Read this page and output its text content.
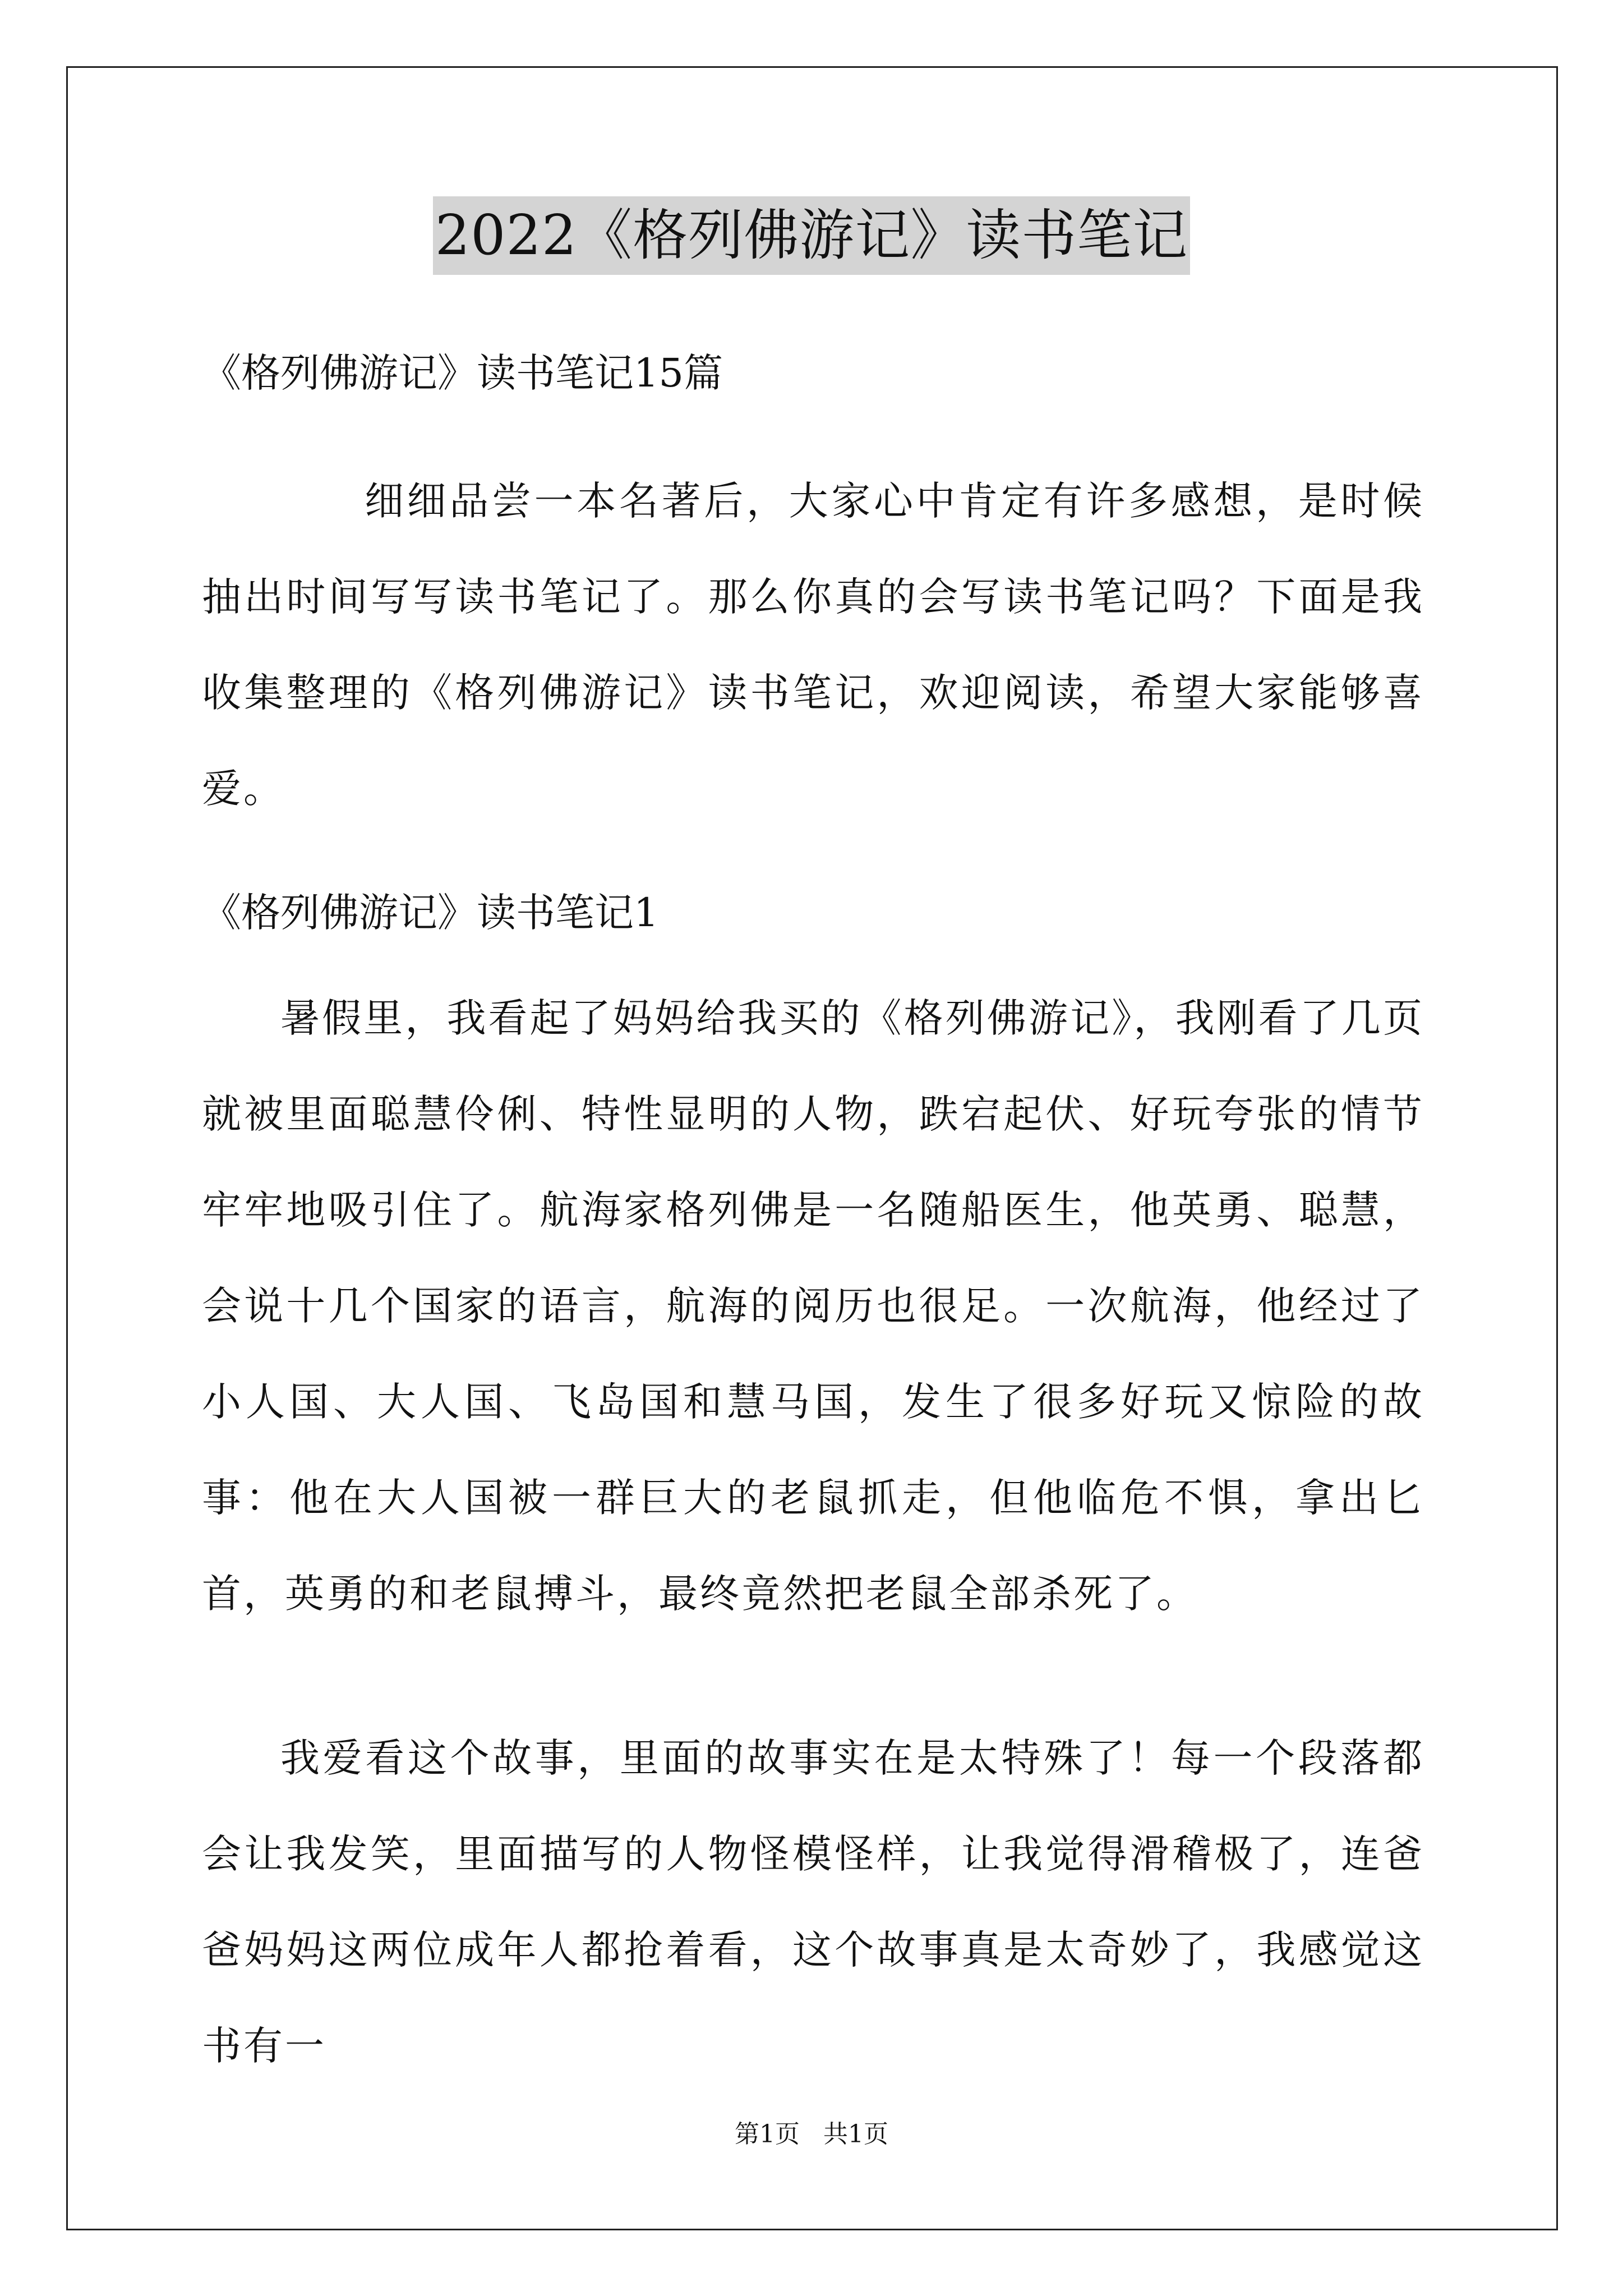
2022《格列佛游记》读书笔记
《格列佛游记》读书笔记15篇
细细品尝一本名著后，大家心中肯定有许多感想，是时候抽出时间写写读书笔记了。那么你真的会写读书笔记吗？下面是我收集整理的《格列佛游记》读书笔记，欢迎阅读，希望大家能够喜爱。
《格列佛游记》读书笔记1
暑假里，我看起了妈妈给我买的《格列佛游记》，我刚看了几页就被里面聪慧伶俐、特性显明的人物，跌宕起伏、好玩夸张的情节牢牢地吸引住了。航海家格列佛是一名随船医生，他英勇、聪慧，会说十几个国家的语言，航海的阅历也很足。一次航海，他经过了小人国、大人国、飞岛国和慧马国，发生了很多好玩又惊险的故事：他在大人国被一群巨大的老鼠抓走，但他临危不惧，拿出匕首，英勇的和老鼠搏斗，最终竟然把老鼠全部杀死了。
我爱看这个故事，里面的故事实在是太特殊了！每一个段落都会让我发笑，里面描写的人物怪模怪样，让我觉得滑稽极了，连爸爸妈妈这两位成年人都抢着看，这个故事真是太奇妙了，我感觉这书有一
第1页   共1页
